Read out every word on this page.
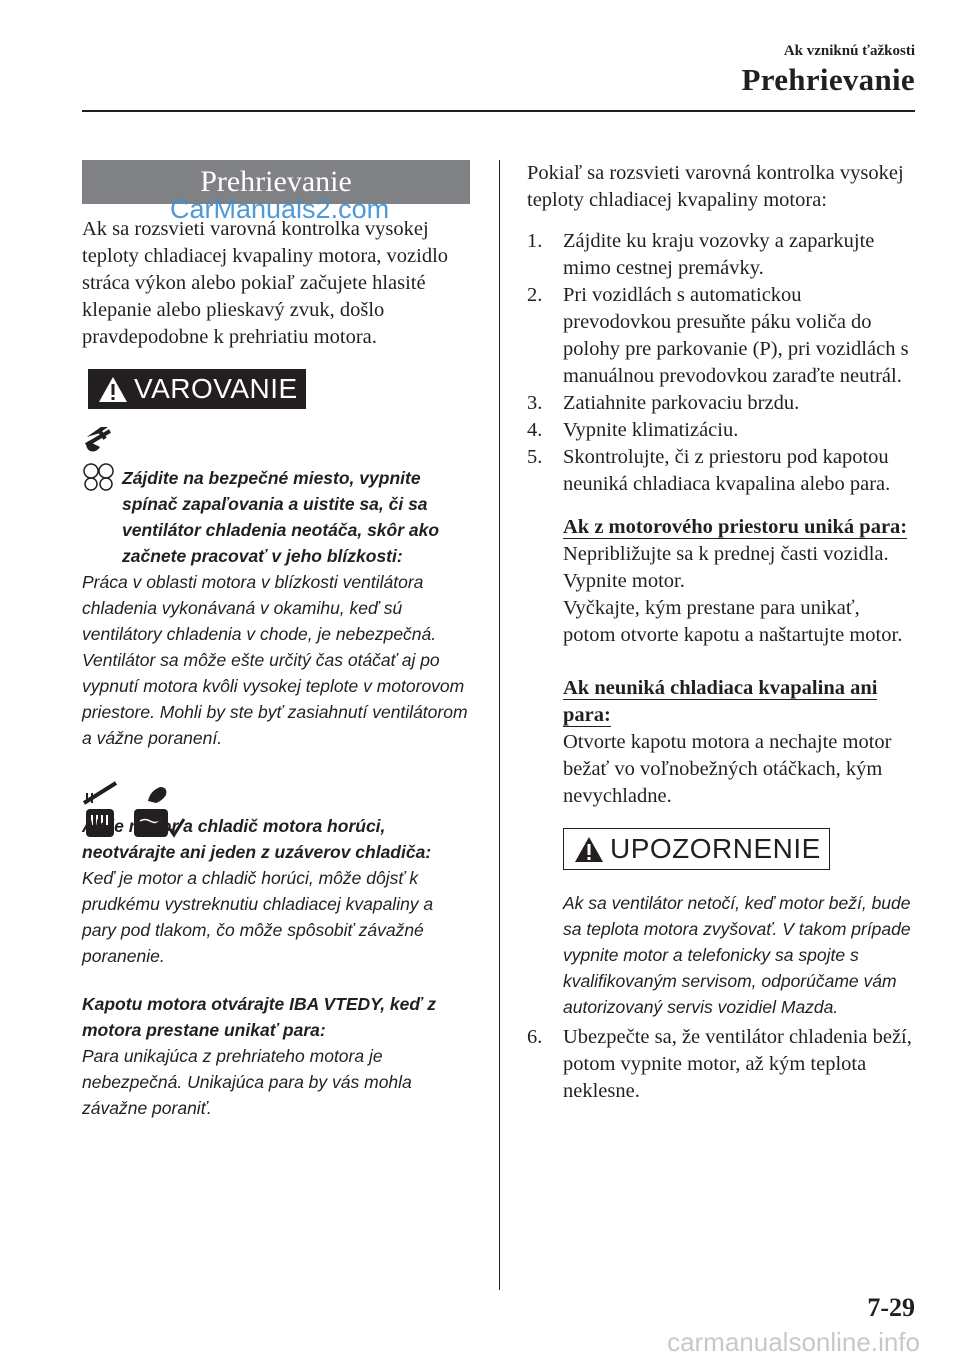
Ak vzniknú ťažkosti
Prehrievanie
Prehrievanie
CarManuals2.com

Ak sa rozsvieti varovná kontrolka vysokej teploty chladiacej kvapaliny motora, vozidlo stráca výkon alebo pokiaľ začujete hlasité klepanie alebo plieskavý zvuk, došlo pravdepodobne k prehriatiu motora.

VAROVANIE
Zájdite na bezpečné miesto, vypnite spínač zapaľovania a uistite sa, či sa ventilátor chladenia neotáča, skôr ako začnete pracovať v jeho blízkosti:
Práca v oblasti motora v blízkosti ventilátora chladenia vykonávaná v okamihu, keď sú ventilátory chladenia v chode, je nebezpečná. Ventilátor sa môže ešte určitý čas otáčať aj po vypnutí motora kvôli vysokej teplote v motorovom priestore. Mohli by ste byť zasiahnutí ventilátorom a vážne poranení.
Ak je motor a chladič motora horúci, neotvárajte ani jeden z uzáverov chladiča:
Keď je motor a chladič horúci, môže dôjsť k prudkému vystreknutiu chladiacej kvapaliny a pary pod tlakom, čo môže spôsobiť závažné poranenie.
Kapotu motora otvárajte IBA VTEDY, keď z motora prestane unikať para:
Para unikajúca z prehriateho motora je nebezpečná. Unikajúca para by vás mohla závažne poraniť.

Pokiaľ sa rozsvieti varovná kontrolka vysokej teploty chladiacej kvapaliny motora:

1.	Zájdite ku kraju vozovky a zaparkujte mimo cestnej premávky.
2.	Pri vozidlách s automatickou prevodovkou presuňte páku voliča do polohy pre parkovanie (P), pri vozidlách s manuálnou prevodovkou zaraďte neutrál.
3.	Zatiahnite parkovaciu brzdu.
4.	Vypnite klimatizáciu.
5.	Skontrolujte, či z priestoru pod kapotou neuniká chladiaca kvapalina alebo para.
Ak z motorového priestoru uniká para:

Nepribližujte sa k prednej časti vozidla. Vypnite motor.

Vyčkajte, kým prestane para unikať, potom otvorte kapotu a naštartujte motor.

Ak neuniká chladiaca kvapalina ani para:

Otvorte kapotu motora a nechajte motor bežať vo voľnobežných otáčkach, kým nevychladne.

UPOZORNENIE

Ak sa ventilátor netočí, keď motor beží, bude sa teplota motora zvyšovať. V takom prípade vypnite motor a telefonicky sa spojte s kvalifikovaným servisom, odporúčame vám autorizovaný servis vozidiel Mazda.

6.	Ubezpečte sa, že ventilátor chladenia beží, potom vypnite motor, až kým teplota neklesne.
7-29
carmanualsonline.info
